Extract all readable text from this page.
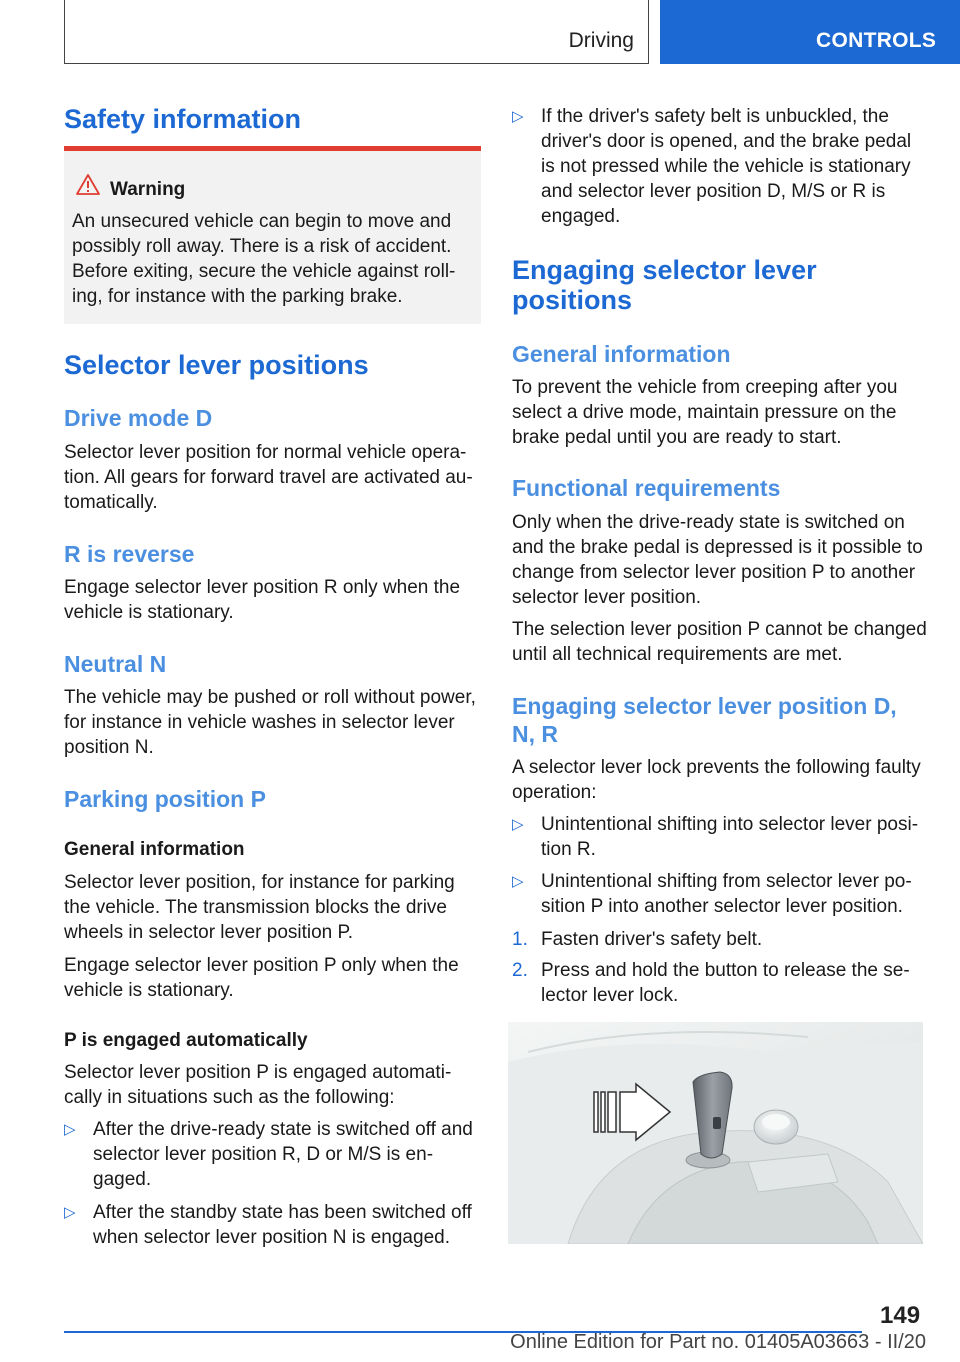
Driving	CONTROLS
Safety information
Warning
An unsecured vehicle can begin to move and possibly roll away. There is a risk of accident. Before exiting, secure the vehicle against rolling, for instance with the parking brake.
Selector lever positions
Drive mode D

Selector lever position for normal vehicle operation. All gears for forward travel are activated automatically.

R is reverse

Engage selector lever position R only when the vehicle is stationary.

Neutral N

The vehicle may be pushed or roll without power, for instance in vehicle washes in selector lever position N.

Parking position P
General information

Selector lever position, for instance for parking the vehicle. The transmission blocks the drive wheels in selector lever position P.

Engage selector lever position P only when the vehicle is stationary.

P is engaged automatically

Selector lever position P is engaged automatically in situations such as the following:

▷ After the drive-ready state is switched off and selector lever position R, D or M/S is engaged.
▷ After the standby state has been switched off when selector lever position N is engaged.
▷ If the driver's safety belt is unbuckled, the driver's door is opened, and the brake pedal is not pressed while the vehicle is stationary and selector lever position D, M/S or R is engaged.
Engaging selector lever positions
General information

To prevent the vehicle from creeping after you select a drive mode, maintain pressure on the brake pedal until you are ready to start.

Functional requirements

Only when the drive-ready state is switched on and the brake pedal is depressed is it possible to change from selector lever position P to another selector lever position.

The selection lever position P cannot be changed until all technical requirements are met.

Engaging selector lever position D, N, R

A selector lever lock prevents the following faulty operation:

▷ Unintentional shifting into selector lever position R.
▷ Unintentional shifting from selector lever position P into another selector lever position.
1. Fasten driver's safety belt.
2. Press and hold the button to release the selector lever lock.
149
Online Edition for Part no. 01405A03663 - II/20
